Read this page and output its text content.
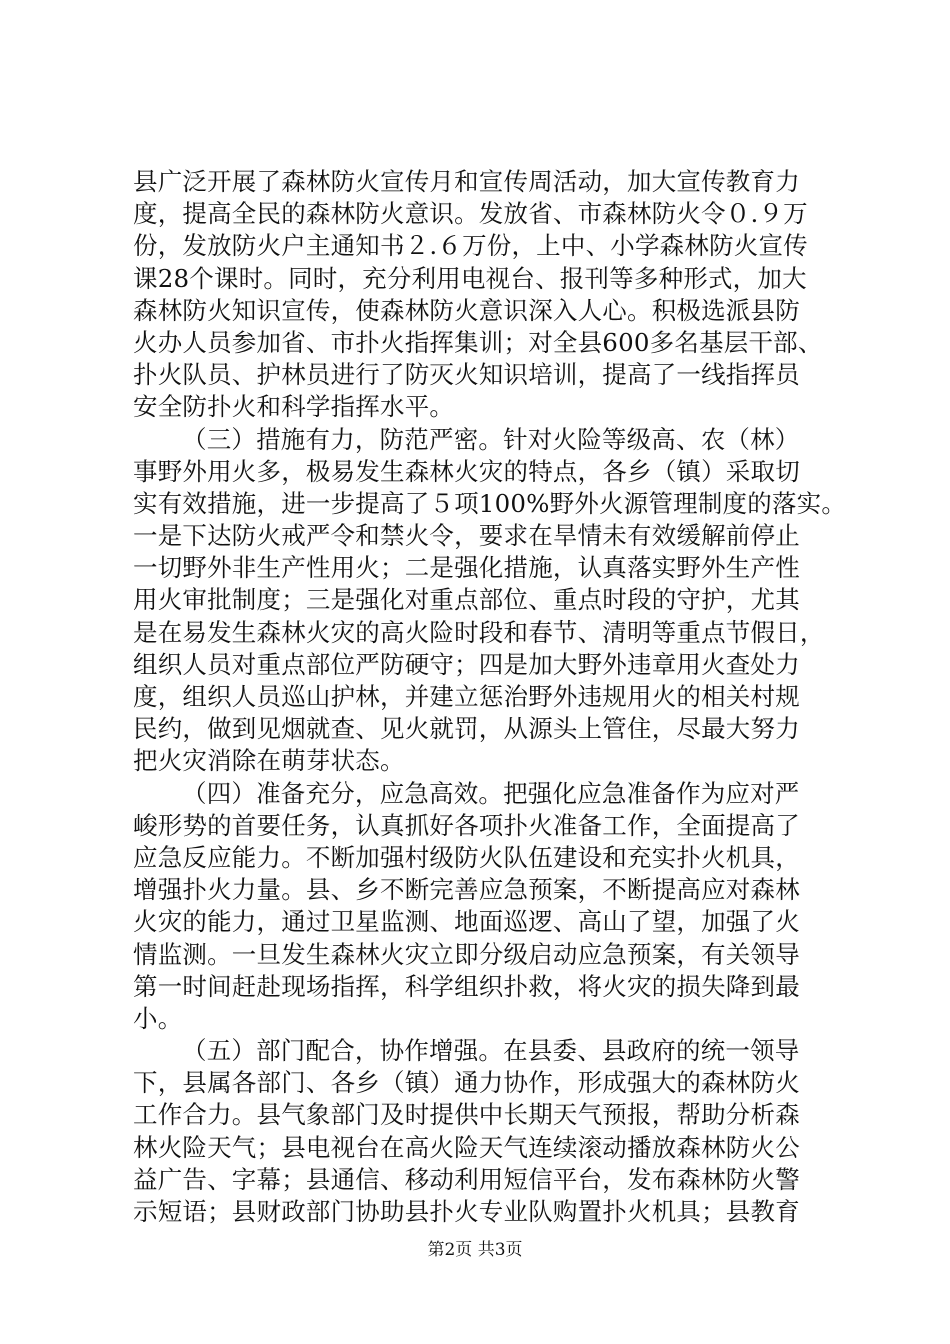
县广泛开展了森林防火宣传月和宣传周活动，加大宣传教育力
度，提高全民的森林防火意识。发放省、市森林防火令０.９万
份，发放防火户主通知书２.６万份，上中、小学森林防火宣传
课28个课时。同时，充分利用电视台、报刊等多种形式，加大
森林防火知识宣传，使森林防火意识深入人心。积极选派县防
火办人员参加省、市扑火指挥集训；对全县600多名基层干部、
扑火队员、护林员进行了防灭火知识培训，提高了一线指挥员
安全防扑火和科学指挥水平。
（三）措施有力，防范严密。针对火险等级高、农（林）
事野外用火多，极易发生森林火灾的特点，各乡（镇）采取切
实有效措施，进一步提高了５项100%野外火源管理制度的落实。
一是下达防火戒严令和禁火令，要求在旱情未有效缓解前停止
一切野外非生产性用火；二是强化措施，认真落实野外生产性
用火审批制度；三是强化对重点部位、重点时段的守护，尤其
是在易发生森林火灾的高火险时段和春节、清明等重点节假日，
组织人员对重点部位严防硬守；四是加大野外违章用火查处力
度，组织人员巡山护林，并建立惩治野外违规用火的相关村规
民约，做到见烟就查、见火就罚，从源头上管住，尽最大努力
把火灾消除在萌芽状态。
（四）准备充分，应急高效。把强化应急准备作为应对严
峻形势的首要任务，认真抓好各项扑火准备工作，全面提高了
应急反应能力。不断加强村级防火队伍建设和充实扑火机具，
增强扑火力量。县、乡不断完善应急预案，不断提高应对森林
火灾的能力，通过卫星监测、地面巡逻、高山了望，加强了火
情监测。一旦发生森林火灾立即分级启动应急预案，有关领导
第一时间赶赴现场指挥，科学组织扑救，将火灾的损失降到最
小。
（五）部门配合，协作增强。在县委、县政府的统一领导
下，县属各部门、各乡（镇）通力协作，形成强大的森林防火
工作合力。县气象部门及时提供中长期天气预报，帮助分析森
林火险天气；县电视台在高火险天气连续滚动播放森林防火公
益广告、字幕；县通信、移动利用短信平台，发布森林防火警
示短语；县财政部门协助县扑火专业队购置扑火机具；县教育
第2页 共3页
